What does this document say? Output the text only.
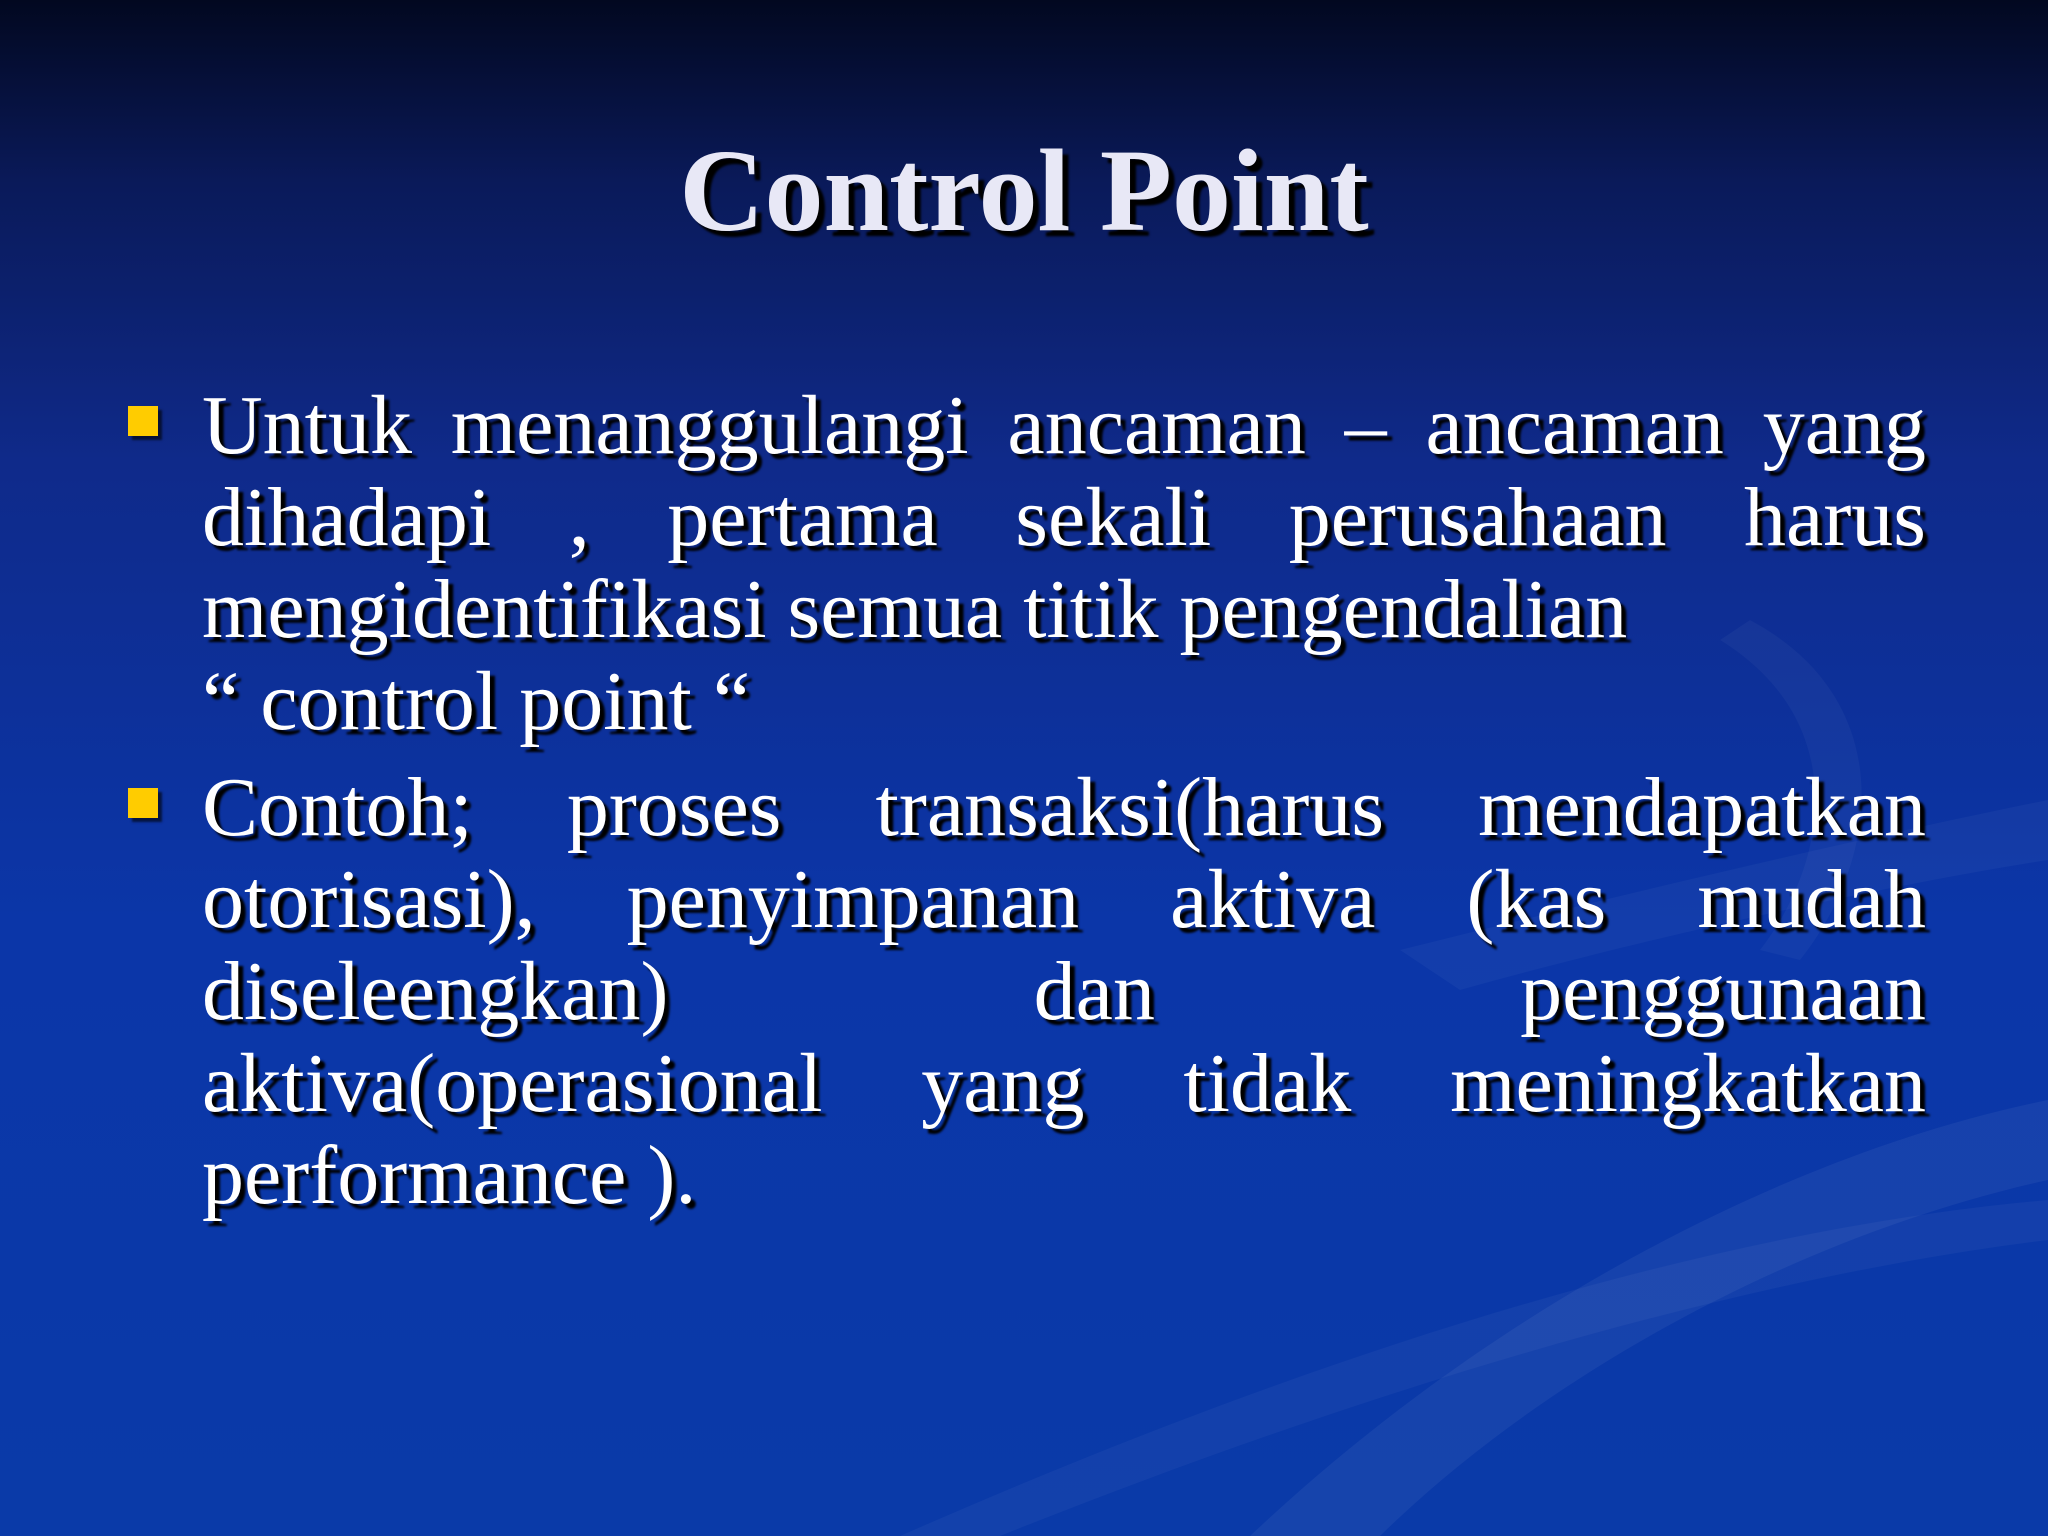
Control Point
Untuk menanggulangi ancaman – ancaman yang
dihadapi , pertama sekali perusahaan harus
mengidentifikasi semua titik pengendalian
“ control point “
Contoh; proses transaksi(harus mendapatkan
otorisasi), penyimpanan aktiva (kas mudah
diseleengkan) dan penggunaan
aktiva(operasional yang tidak meningkatkan
performance ).
